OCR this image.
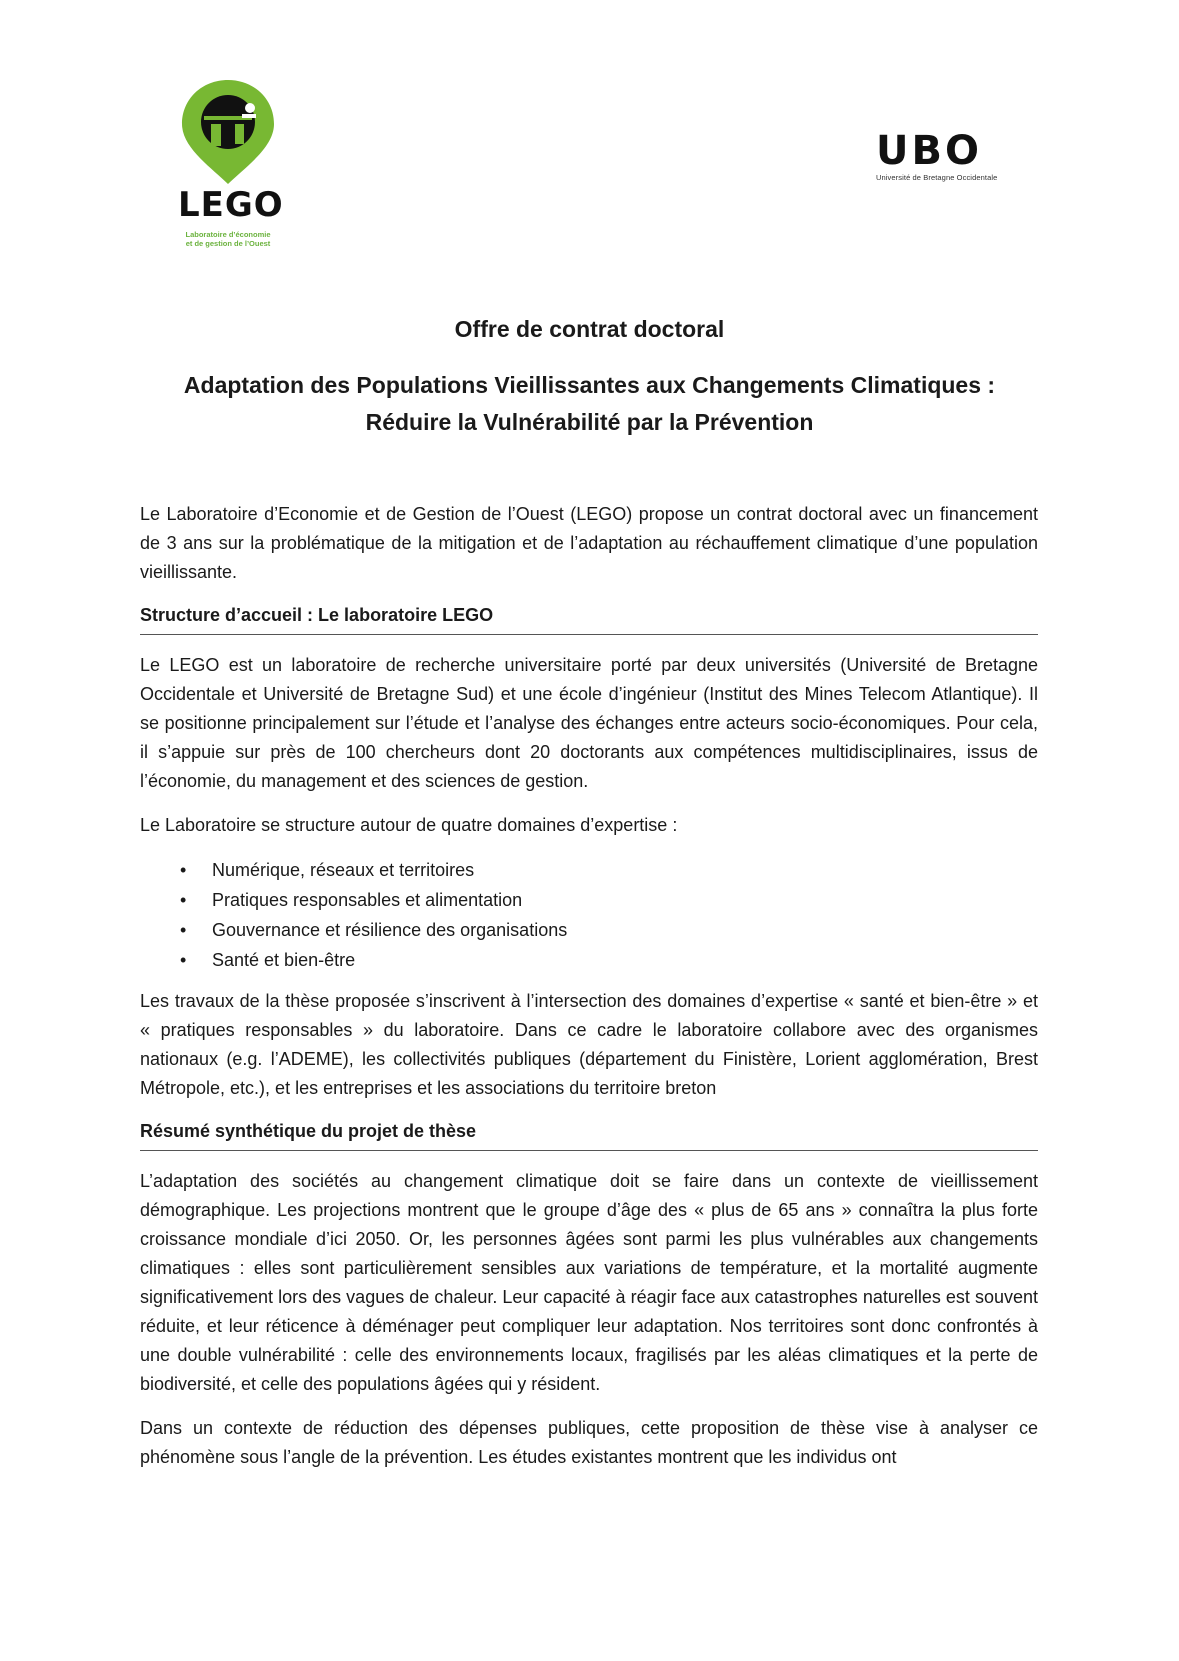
LEGO
Laboratoire d’économie
et de gestion de l’Ouest
UBO
Université de Bretagne Occidentale
Offre de contrat doctoral
Adaptation des Populations Vieillissantes aux Changements Climatiques :
Réduire la Vulnérabilité par la Prévention

Le Laboratoire d’Economie et de Gestion de l’Ouest (LEGO) propose un contrat doctoral avec un financement de 3 ans sur la problématique de la mitigation et de l’adaptation au réchauffement climatique d’une population vieillissante.

Structure d’accueil : Le laboratoire LEGO

Le LEGO est un laboratoire de recherche universitaire porté par deux universités (Université de Bretagne Occidentale et Université de Bretagne Sud) et une école d’ingénieur (Institut des Mines Telecom Atlantique). Il se positionne principalement sur l’étude et l’analyse des échanges entre acteurs socio-économiques. Pour cela, il s’appuie sur près de 100 chercheurs dont 20 doctorants aux compétences multidisciplinaires, issus de l’économie, du management et des sciences de gestion.

Le Laboratoire se structure autour de quatre domaines d’expertise :

• Numérique, réseaux et territoires
• Pratiques responsables et alimentation
• Gouvernance et résilience des organisations
• Santé et bien-être

Les travaux de la thèse proposée s’inscrivent à l’intersection des domaines d’expertise « santé et bien-être » et « pratiques responsables » du laboratoire. Dans ce cadre le laboratoire collabore avec des organismes nationaux (e.g. l’ADEME), les collectivités publiques (département du Finistère, Lorient agglomération, Brest Métropole, etc.), et les entreprises et les associations du territoire breton

Résumé synthétique du projet de thèse

L’adaptation des sociétés au changement climatique doit se faire dans un contexte de vieillissement démographique. Les projections montrent que le groupe d’âge des « plus de 65 ans » connaîtra la plus forte croissance mondiale d’ici 2050. Or, les personnes âgées sont parmi les plus vulnérables aux changements climatiques : elles sont particulièrement sensibles aux variations de température, et la mortalité augmente significativement lors des vagues de chaleur. Leur capacité à réagir face aux catastrophes naturelles est souvent réduite, et leur réticence à déménager peut compliquer leur adaptation. Nos territoires sont donc confrontés à une double vulnérabilité : celle des environnements locaux, fragilisés par les aléas climatiques et la perte de biodiversité, et celle des populations âgées qui y résident.

Dans un contexte de réduction des dépenses publiques, cette proposition de thèse vise à analyser ce phénomène sous l’angle de la prévention. Les études existantes montrent que les individus ont
